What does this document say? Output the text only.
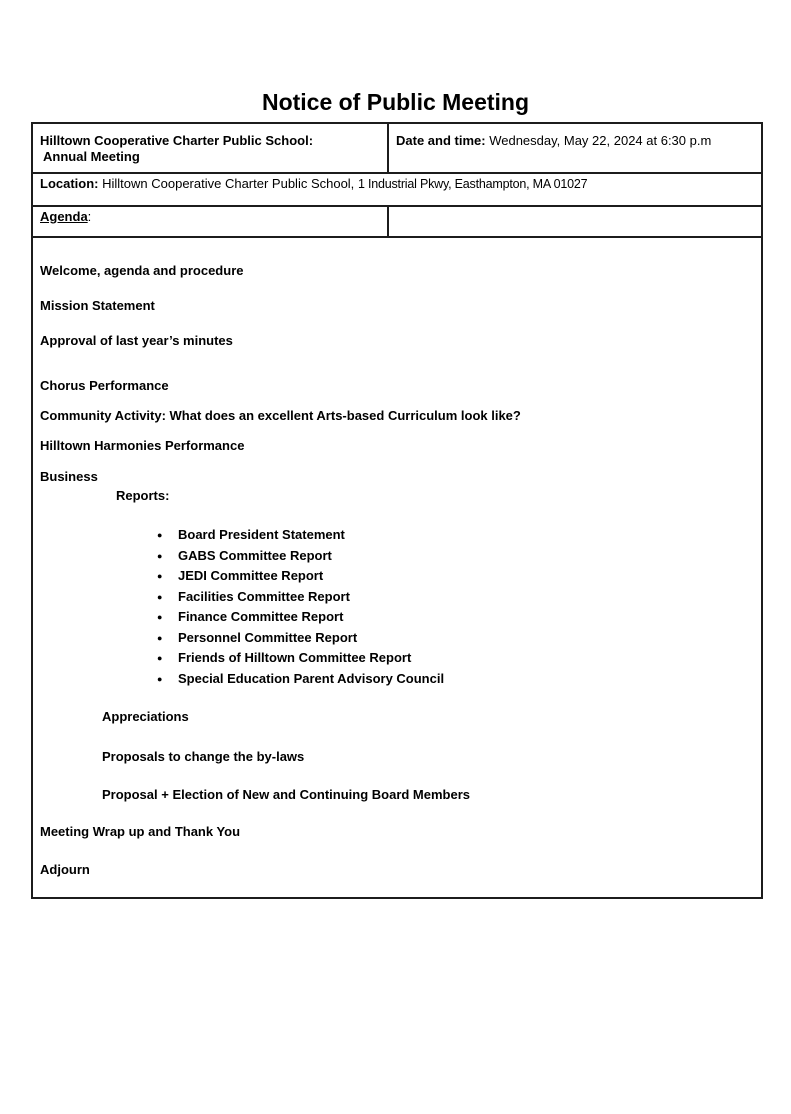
Notice of Public Meeting
Hilltown Cooperative Charter Public School:
Annual Meeting	Date and time: Wednesday, May 22, 2024 at 6:30 p.m
Location: Hilltown Cooperative Charter Public School, 1 Industrial Pkwy, Easthampton, MA 01027	
Agenda:	

Welcome, agenda and procedure

Mission Statement

Approval of last year’s minutes

Chorus Performance

Community Activity: What does an excellent Arts-based Curriculum look like?

Hilltown Harmonies Performance

Business

Reports:

● Board President Statement
● GABS Committee Report
● JEDI Committee Report
● Facilities Committee Report
● Finance Committee Report
● Personnel Committee Report
● Friends of Hilltown Committee Report
● Special Education Parent Advisory Council

Appreciations

Proposals to change the by-laws

Proposal + Election of New and Continuing Board Members

Meeting Wrap up and Thank You

Adjourn
